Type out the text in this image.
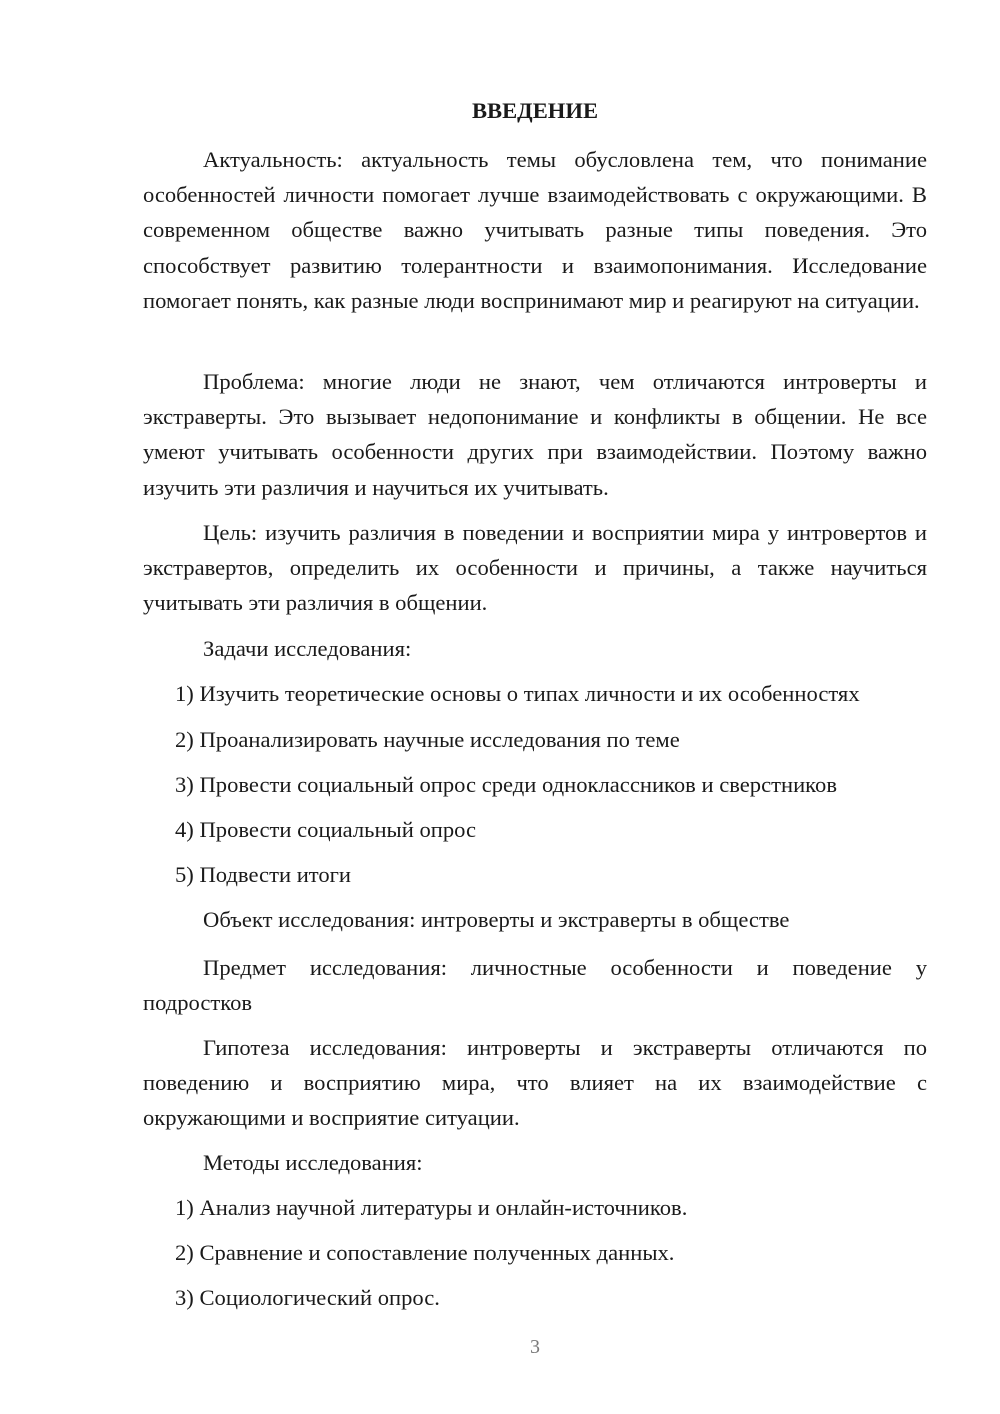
ВВЕДЕНИЕ

Актуальность: актуальность темы обусловлена тем, что понимание особенностей личности помогает лучше взаимодействовать с окружающими. В современном обществе важно учитывать разные типы поведения. Это способствует развитию толерантности и взаимопонимания. Исследование помогает понять, как разные люди воспринимают мир и реагируют на ситуации.

Проблема: многие люди не знают, чем отличаются интроверты и экстраверты. Это вызывает недопонимание и конфликты в общении. Не все умеют учитывать особенности других при взаимодействии. Поэтому важно изучить эти различия и научиться их учитывать.

Цель: изучить различия в поведении и восприятии мира у интровертов и экстравертов, определить их особенности и причины, а также научиться учитывать эти различия в общении.

Задачи исследования:

1) Изучить теоретические основы о типах личности и их особенностях

2) Проанализировать научные исследования по теме

3) Провести социальный опрос среди одноклассников и сверстников

4) Провести социальный опрос

5) Подвести итоги

Объект исследования: интроверты и экстраверты в обществе

Предмет исследования: личностные особенности и поведение у подростков

Гипотеза исследования: интроверты и экстраверты отличаются по поведению и восприятию мира, что влияет на их взаимодействие с окружающими и восприятие ситуации.

Методы исследования:

1) Анализ научной литературы и онлайн-источников.

2) Сравнение и сопоставление полученных данных.

3) Социологический опрос.

3
